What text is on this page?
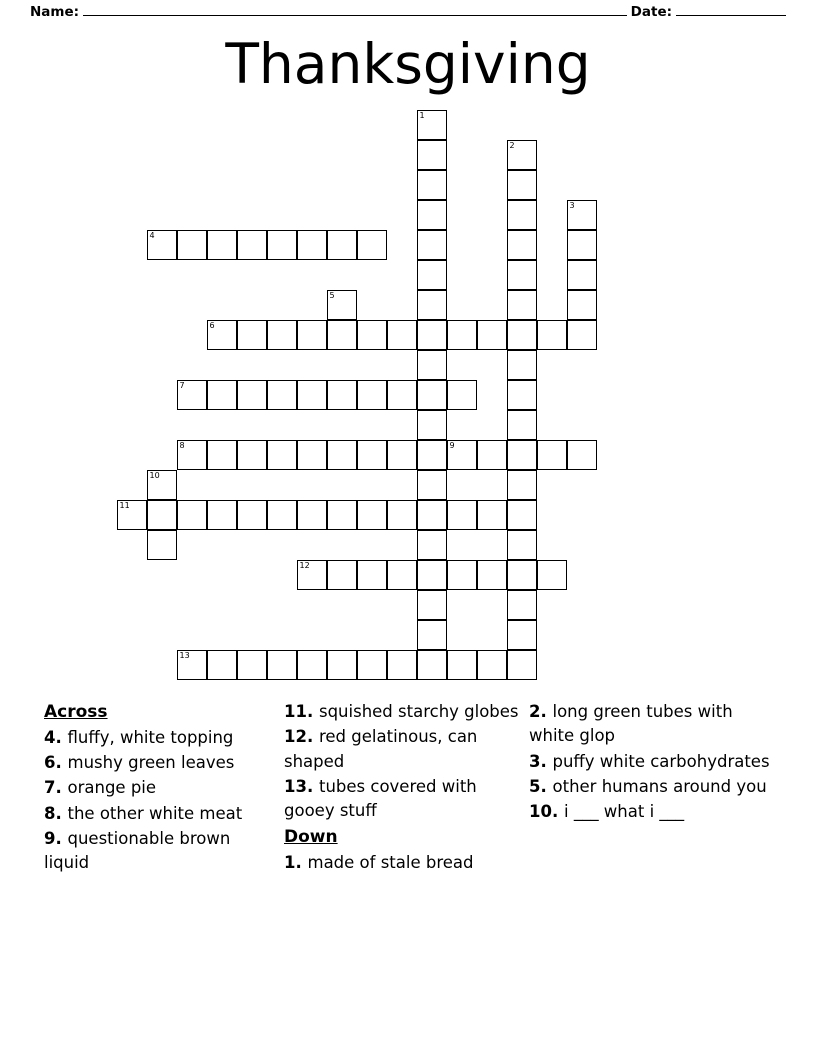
Name:	Date:
Thanksgiving
1
2
3
4
5
6
7
8	9
10
11
12
13
Across
4. fluffy, white topping
6. mushy green leaves
7. orange pie
8. the other white meat
9. questionable brown liquid
11. squished starchy globes
12. red gelatinous, can shaped
13. tubes covered with gooey stuff
Down
1. made of stale bread
2. long green tubes with white glop
3. puffy white carbohydrates
5. other humans around you
10. i ___ what i ___
